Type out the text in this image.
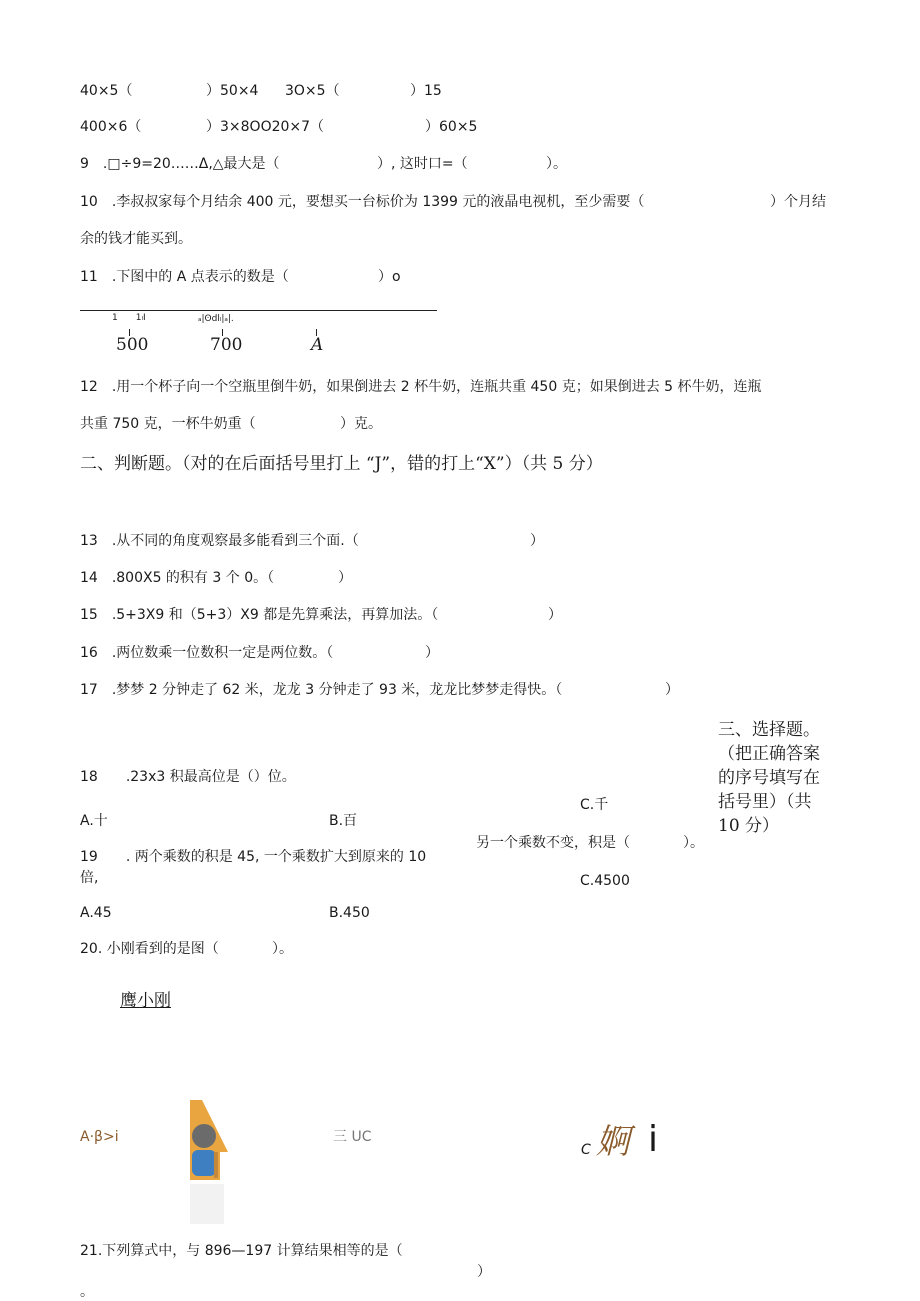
40×5（	）50×4 3O×5（	）15
400×6（	）3×8OO20×7（	）60×5
9　.□÷9=20……Δ,△最大是（	）, 这时口=（	）。
10　.李叔叔家每个月结余 400 元，要想买一台标价为 1399 元的液晶电视机，至少需要（	）个月结
余的钱才能买到。
11　.下图中的 A 点表示的数是（	）o
1　　1ₗI	ₐ|ʘdlₗ|ₐ|.
500	700	A
12　.用一个杯子向一个空瓶里倒牛奶，如果倒进去 2 杯牛奶，连瓶共重 450 克；如果倒进去 5 杯牛奶，连瓶
共重 750 克，一杯牛奶重（	）克。
二、判断题。（对的在后面括号里打上 “J”，错的打上“X”）（共 5 分）
13　.从不同的角度观察最多能看到三个面.（	）
14　.800X5 的积有 3 个 0。（	）
15　.5+3X9 和（5+3）X9 都是先算乘法，再算加法。（	）
16　.两位数乘一位数积一定是两位数。（	）
17　.梦梦 2 分钟走了 62 米，龙龙 3 分钟走了 93 米，龙龙比梦梦走得快。（	）
三、选择题。（把正确答案的序号填写在括号里）（共 10 分）
18　　.23x3 积最高位是（）位。
A.十	B.百
C.千
19　　. 两个乘数的积是 45, 一个乘数扩大到原来的 10
倍,
另一个乘数不变，积是（	）。
C.4500
A.45	B.450
20. 小刚看到的是图（	）。
鹰小刚
A·β>i	三 UC
C 婀 i
21.下列算式中，与 896—197 计算结果相等的是（
）
。
